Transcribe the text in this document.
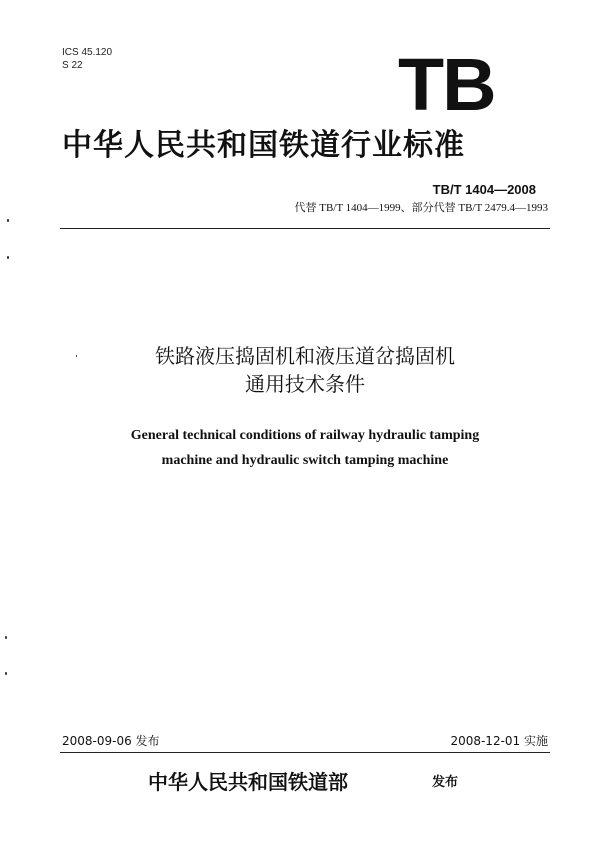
ICS 45.120
S 22	TB
中华人民共和国铁道行业标准
TB/T 1404—2008
代替 TB/T 1404—1999、部分代替 TB/T 2479.4—1993
铁路液压捣固机和液压道岔捣固机
通用技术条件
General technical conditions of railway hydraulic tamping
machine and hydraulic switch tamping machine
2008-09-06 发布	2008-12-01 实施
中华人民共和国铁道部	发布
